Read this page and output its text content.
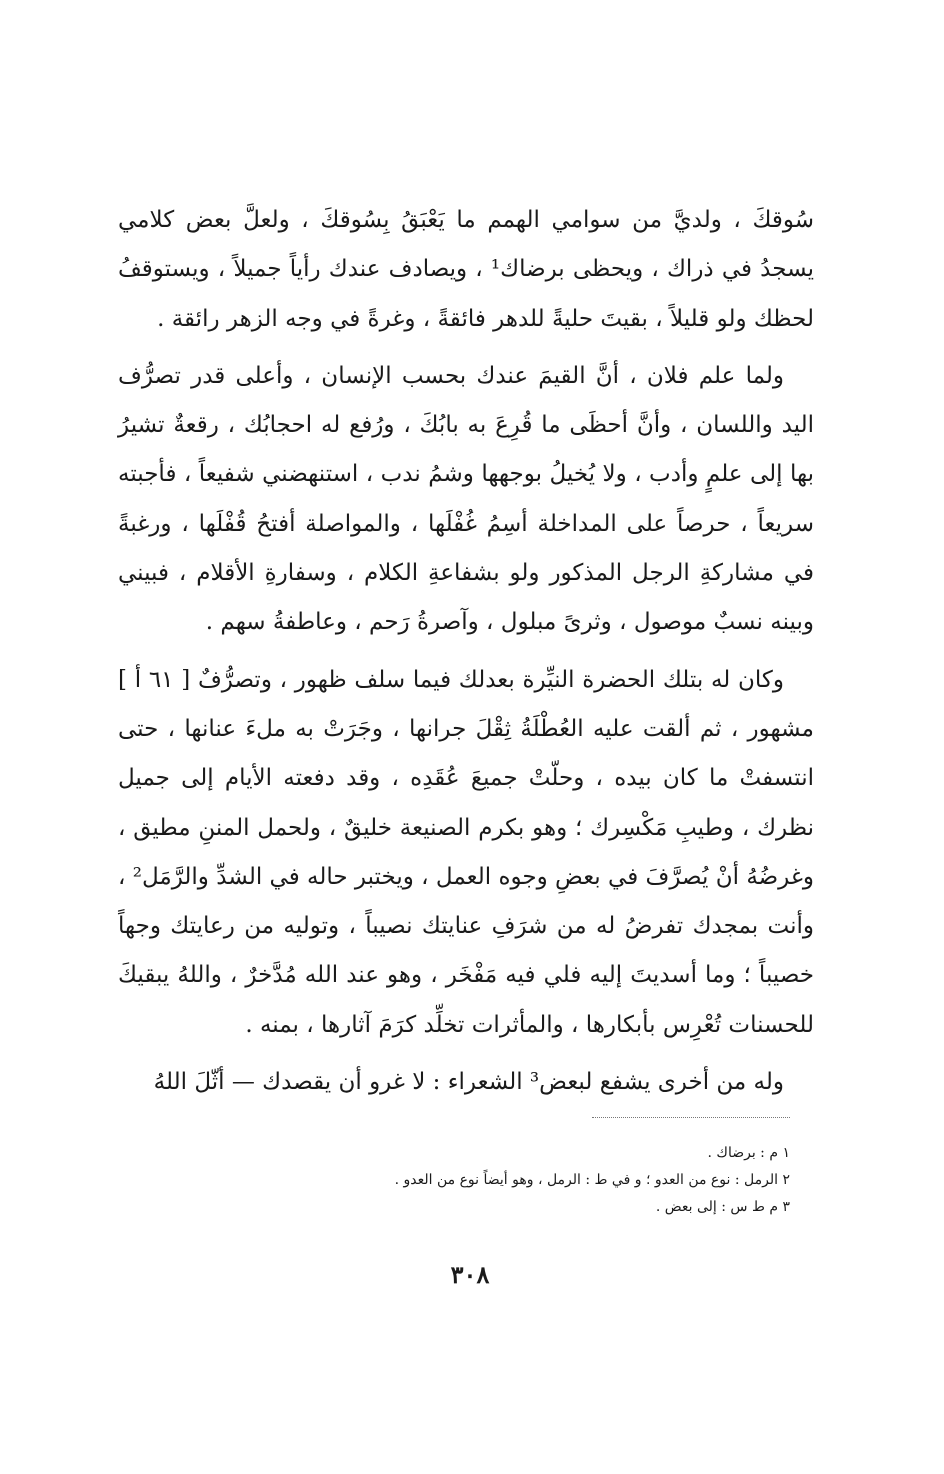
سُوقكَ ، ولديَّ من سوامي الهمم ما يَعْبَقُ بِسُوقكَ ، ولعلَّ بعض كلامي يسجدُ في ذراك ، ويحظى برضاك¹ ، ويصادف عندك رأياً جميلاً ، ويستوقفُ لحظك ولو قليلاً ، بقيتَ حليةً للدهر فائقةً ، وغرةً في وجه الزهر رائقة .

ولما علم فلان ، أنَّ القيمَ عندك بحسب الإنسان ، وأعلى قدر تصرُّف اليد واللسان ، وأنَّ أحظَى ما قُرِعَ به بابُكَ ، ورُفع له احجابُك ، رقعةٌ تشيرُ بها إلى علمٍ وأدب ، ولا يُخيلُ بوجهها وشمُ ندب ، استنهضني شفيعاً ، فأجبته سريعاً ، حرصاً على المداخلة أسِمُ غُفْلَها ، والمواصلة أفتحُ قُفْلَها ، ورغبةً في مشاركةِ الرجل المذكور ولو بشفاعةِ الكلام ، وسفارةِ الأقلام ، فبيني وبينه نسبٌ موصول ، وثرىً مبلول ، وآصرةُ رَحم ، وعاطفةُ سهم .

وكان له بتلك الحضرة النيِّرة بعدلك فيما سلف ظهور ، وتصرُّفٌ [ ٦١ أ ] مشهور ، ثم ألقت عليه العُطْلَةُ ثِقْلَ جرانها ، وجَرَتْ به ملءَ عنانها ، حتى انتسفتْ ما كان بيده ، وحلّتْ جميعَ عُقَدِه ، وقد دفعته الأيام إلى جميل نظرك ، وطيبِ مَكْسِرك ؛ وهو بكرم الصنيعة خليقٌ ، ولحمل المننِ مطيق ، وغرضُهُ أنْ يُصرَّفَ في بعضِ وجوه العمل ، ويختبر حاله في الشدِّ والرَّمَل² ، وأنت بمجدك تفرضُ له من شرَفِ عنايتك نصيباً ، وتوليه من رعايتك وجهاً خصيباً ؛ وما أسديتَ إليه فلي فيه مَفْخَر ، وهو عند الله مُدَّخرٌ ، واللهُ يبقيكَ للحسنات تُعْرِس بأبكارها ، والمأثرات تخلِّد كرَمَ آثارها ، بمنه .

وله من أخرى يشفع لبعض³ الشعراء : لا غرو أن يقصدك — أثّلَ اللهُ

١ م : برضاك .
٢ الرمل : نوع من العدو ؛ و في ط : الرمل ، وهو أيضاً نوع من العدو .
٣ م ط س : إلى بعض .
٣٠٨
